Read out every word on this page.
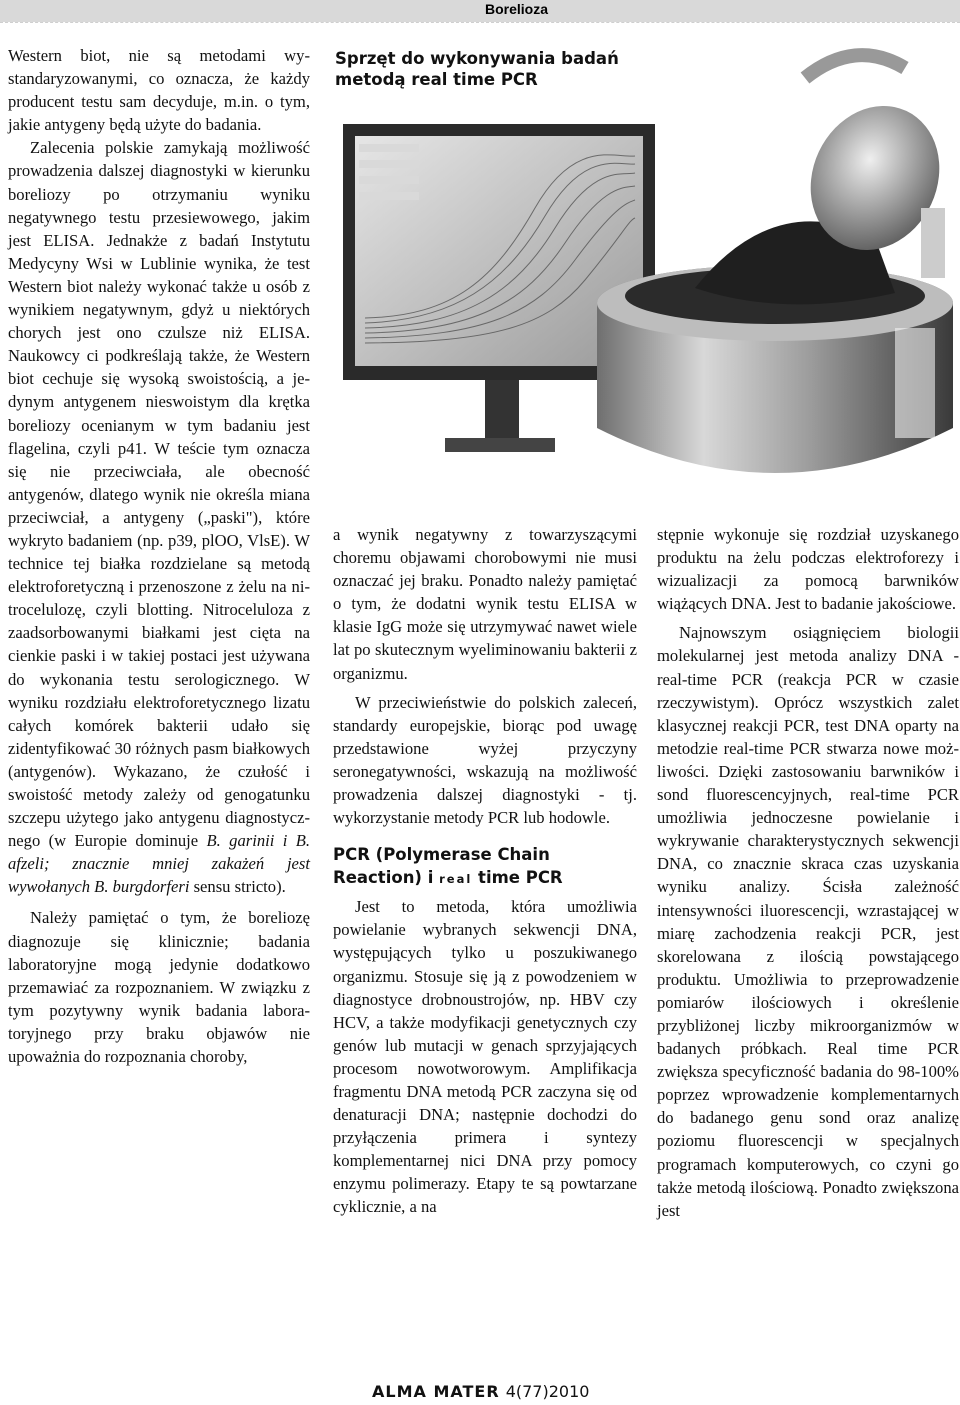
Borelioza

Western biot, nie są metodami wystandaryzowanymi, co oznacza, że każdy producent testu sam decyduje, m.in. o tym, jakie antygeny będą użyte do badania.

Zalecenia polskie zamykają możliwość prowadzenia dalszej diagnostyki w kierunku boreliozy po otrzymaniu wyniku negatywnego testu przesiewowego, jakim jest ELISA. Jednakże z badań Instytutu Medycyny Wsi w Lublinie wynika, że test Western biot należy wykonać także u osób z wynikiem negatywnym, gdyż u niektórych chorych jest ono czulsze niż ELISA. Naukowcy ci podkreślają także, że Western biot cechuje się wysoką swoistością, a jedynym antygenem nieswoistym dla krętka boreliozy ocenianym w tym badaniu jest flagelina, czyli p41. W teście tym oznacza się nie przeciwciała, ale obecność antygenów, dlatego wynik nie określa miana przeciwciał, a antygeny („paski"), które wykryto badaniem (np. p39, plOO, VlsE). W technice tej białka rozdzielane są metodą elektroforetyczną i przenoszone z żelu na nitrocelulozę, czyli blotting. Nitroceluloza z zaadsorbowanymi białkami jest cięta na cienkie paski i w takiej postaci jest używana do wykonania testu serologicznego. W wyniku rozdziału elektroforetycznego lizatu całych komórek bakterii udało się zidentyfikować 30 różnych pasm białkowych (antygenów). Wykazano, że czułość i swoistość metody zależy od genogatunku szczepu użytego jako antygenu diagnostycznego (w Europie dominuje B. garinii i B. afzeli; znacznie mniej zakażeń jest wywołanych B. burgdorferi sensu stricto).

Należy pamiętać o tym, że boreliozę diagnozuje się klinicznie; badania laboratoryjne mogą jedynie dodatkowo przemawiać za rozpoznaniem. W związku z tym pozytywny wynik badania laboratoryjnego przy braku objawów nie upoważnia do rozpoznania choroby,

Sprzęt do wykonywania badań metodą real time PCR

a wynik negatywny z towarzyszącymi choremu objawami chorobowymi nie musi oznaczać jej braku. Ponadto należy pamiętać o tym, że dodatni wynik testu ELISA w klasie IgG może się utrzymywać nawet wiele lat po skutecznym wyeliminowaniu bakterii z organizmu.

W przeciwieństwie do polskich zaleceń, standardy europejskie, biorąc pod uwagę przedstawione wyżej przyczyny seronegatywności, wskazują na możliwość prowadzenia dalszej diagnostyki - tj. wykorzystanie metody PCR lub hodowle.

PCR (Polymerase Chain Reaction) i real time PCR

Jest to metoda, która umożliwia powielanie wybranych sekwencji DNA, występujących tylko u poszukiwanego organizmu. Stosuje się ją z powodzeniem w diagnostyce drobnoustrojów, np. HBV czy HCV, a także modyfikacji genetycznych czy genów lub mutacji w genach sprzyjających procesom nowotworowym. Amplifikacja fragmentu DNA metodą PCR zaczyna się od denaturacji DNA; następnie dochodzi do przyłączenia primera i syntezy komplementarnej nici DNA przy pomocy enzymu polimerazy. Etapy te są powtarzane cyklicznie, a na

stępnie wykonuje się rozdział uzyskanego produktu na żelu podczas elektroforezy i wizualizacji za pomocą barwników wiążących DNA. Jest to badanie jakościowe.

Najnowszym osiągnięciem biologii molekularnej jest metoda analizy DNA - real-time PCR (reakcja PCR w czasie rzeczywistym). Oprócz wszystkich zalet klasycznej reakcji PCR, test DNA oparty na metodzie real-time PCR stwarza nowe możliwości. Dzięki zastosowaniu barwników i sond fluorescencyjnych, real-time PCR umożliwia jednoczesne powielanie i wykrywanie charakterystycznych sekwencji DNA, co znacznie skraca czas uzyskania wyniku analizy. Ścisła zależność intensywności iluorescencji, wzrastającej w miarę zachodzenia reakcji PCR, jest skorelowana z ilością powstającego produktu. Umożliwia to przeprowadzenie pomiarów ilościowych i określenie przybliżonej liczby mikroorganizmów w badanych próbkach. Real time PCR zwiększa specyficzność badania do 98-100% poprzez wprowadzenie komplementarnych do badanego genu sond oraz analizę poziomu fluorescencji w specjalnych programach komputerowych, co czyni go także metodą ilościową. Ponadto zwiększona jest

ALMA MATER 4(77)2010
